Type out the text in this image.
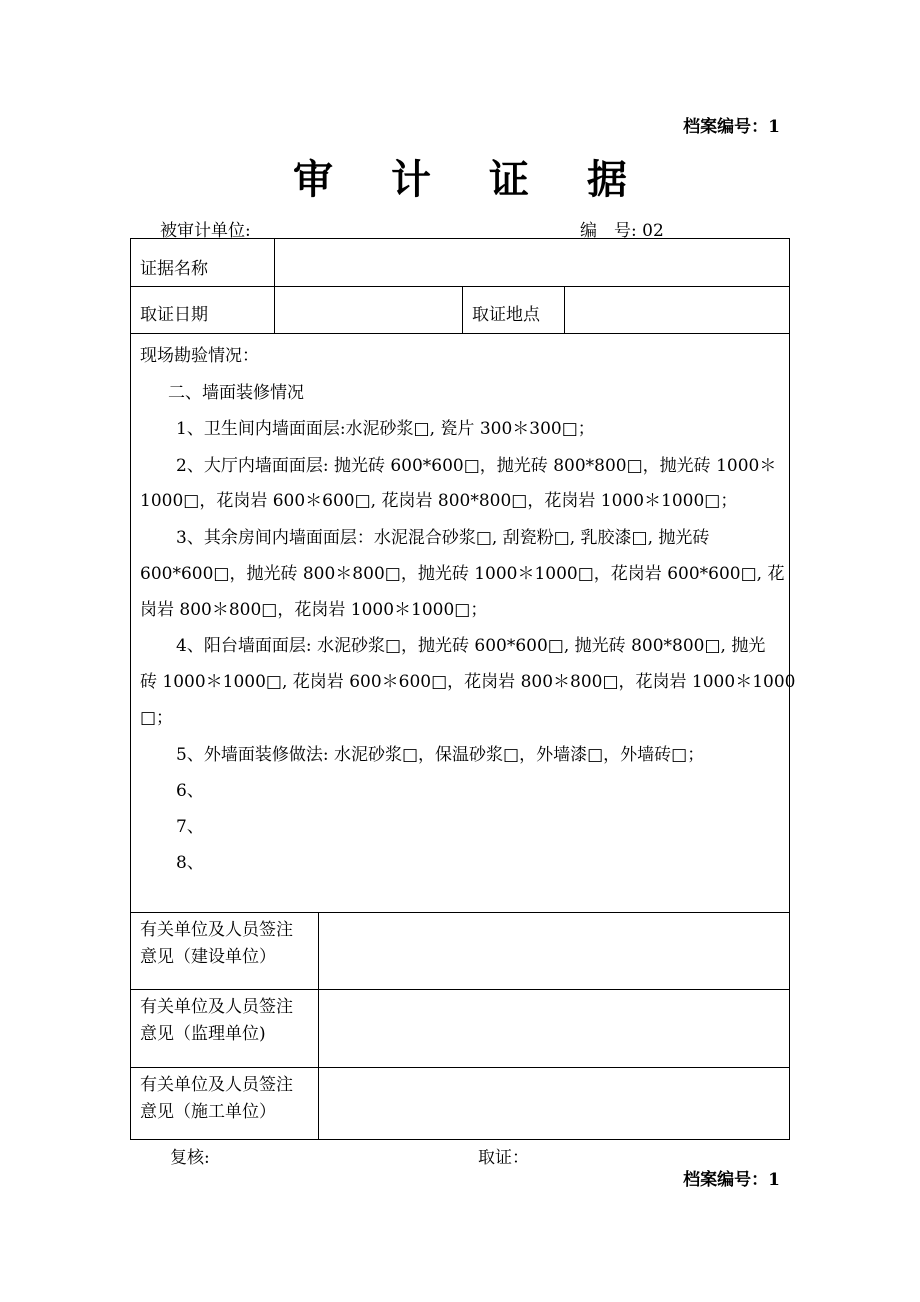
档案编号：1
审计证据
被审计单位:	编　号: 02
证据名称
取证日期	取证地点
现场勘验情况：
二、墙面装修情况
1、卫生间内墙面面层:水泥砂浆□, 瓷片 300＊300□；
2、大厅内墙面面层: 抛光砖 600*600□，抛光砖 800*800□，抛光砖 1000＊
1000□，花岗岩 600＊600□, 花岗岩 800*800□，花岗岩 1000＊1000□；
3、其余房间内墙面面层：水泥混合砂浆□, 刮瓷粉□, 乳胶漆□, 抛光砖
600*600□，抛光砖 800＊800□，抛光砖 1000＊1000□，花岗岩 600*600□, 花
岗岩 800＊800□，花岗岩 1000＊1000□；
4、阳台墙面面层: 水泥砂浆□，抛光砖 600*600□, 抛光砖 800*800□, 抛光
砖 1000＊1000□, 花岗岩 600＊600□，花岗岩 800＊800□，花岗岩 1000＊1000
□；
5、外墙面装修做法: 水泥砂浆□，保温砂浆□，外墙漆□，外墙砖□；
6、
7、
8、
有关单位及人员签注
意见（建设单位）
有关单位及人员签注
意见（监理单位)
有关单位及人员签注
意见（施工单位）
复核:	取证：
档案编号：1
